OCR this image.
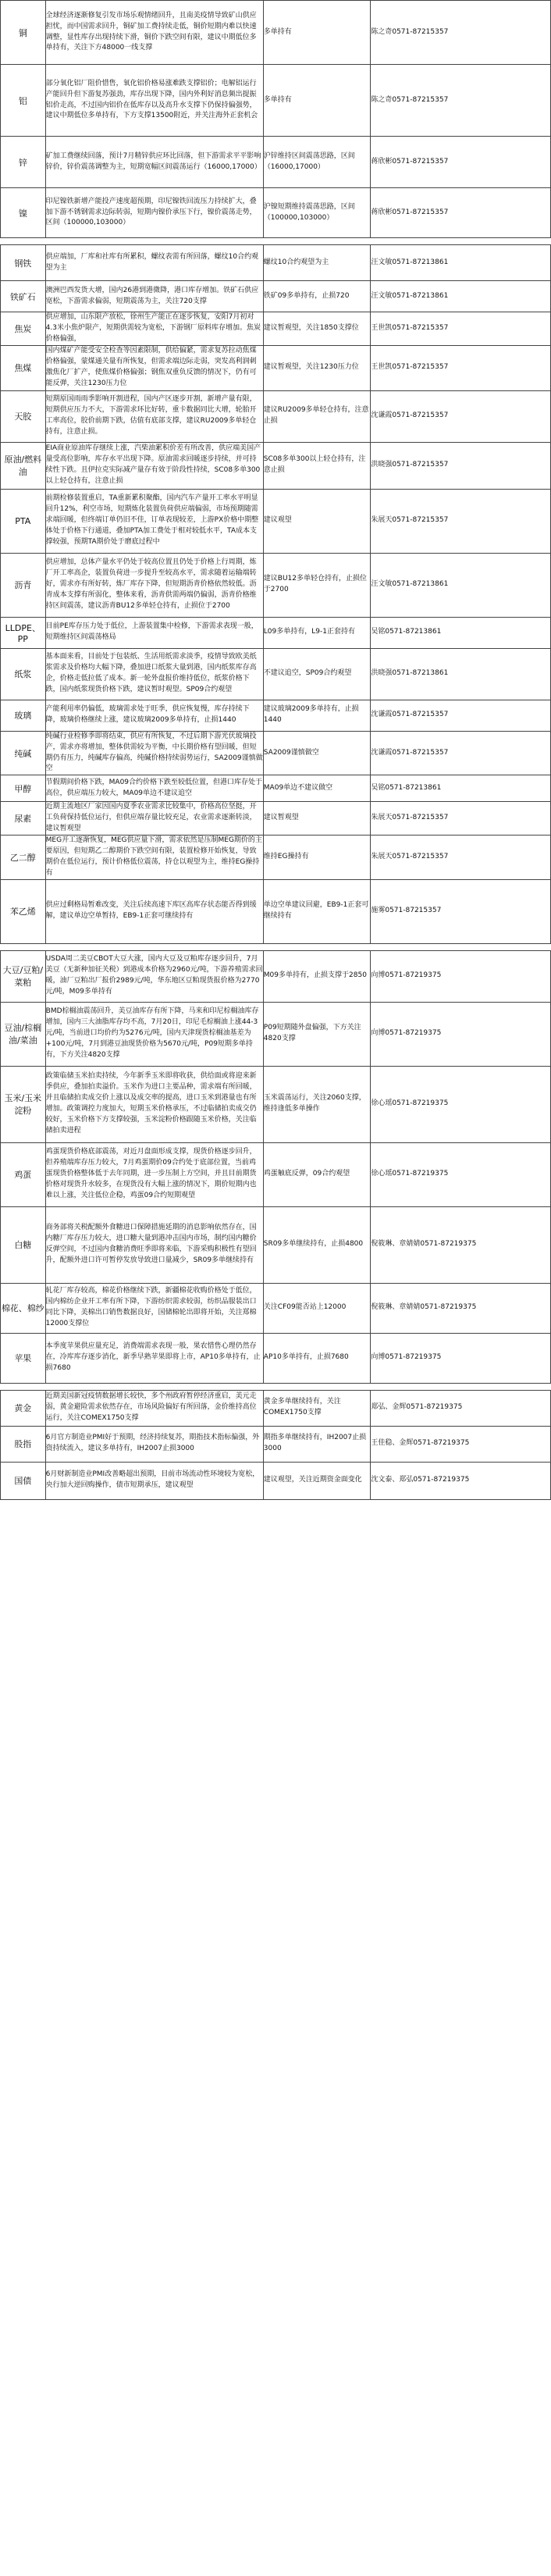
铜	全球经济逐渐修复引发市场乐观情绪回升，且南美疫情导致矿山供应担忧，而中国需求回升，铜矿加工费持续走低，铜价短期内难以快速调整，显性库存出现持续下滑，铜价下跌空间有限，建议中期低位多单持有，关注下方48000一线支撑	多单持有	陈之奇0571-87215357

铝	部分氧化铝厂阻价惜售，氧化铝价格易涨难跌支撑铝价；电解铝运行产能回升但下游复苏强劲，库存出现下降，国内外利好消息频出提振铝价走高，不过国内铝价在低库存以及高升水支撑下仍保持偏强势，建议中期低位多单持有，下方支撑13500附近，并关注海外正套机会	多单持有	陈之奇0571-87215357

锌	矿加工费继续回落，预计7月精锌供应环比回落，但下游需求平平影响锌价，锌价震荡调整为主，短期宽幅区间震荡运行（16000,17000）	沪锌维持区间震荡思路，区间（16000,17000）	蒋欣彬0571-87215357

镍	印尼镍铁新增产能投产速度超预期，印尼镍铁回流压力持续扩大，叠加下游不锈钢需求边际转弱，短期内镍价承压下行，镍价震荡走势，区间（100000,103000）	沪镍短期维持震荡思路，区间（100000,103000）	蒋欣彬0571-87215357

钢铁	供应端加，厂库和社库有所累积，螺纹表需有所回落，螺纹10合约观望为主	螺纹10合约观望为主	汪文敏0571-87213861

铁矿石	澳洲巴西发货大增，国内26港到港微降，港口库存增加。铁矿石供应宽松，下游需求偏弱，短期震荡为主，关注720支撑	铁矿09多单持有，止损720	汪文敏0571-87213861

焦炭	供应增加，山东限产放松，徐州生产能正在逐步恢复，安阳7月初对4.3米小焦炉限产，短期供需较为宽松，下游钢厂原料库存增加。焦炭价格偏强，	建议暂观望，关注1850支撑位	王世凯0571-87215357

焦煤	国内煤矿产能受安全检查等因素限制，供给偏紧，需求复苏拉动焦煤价格偏强，蒙煤通关量有所恢复，但需求端边际走弱，突发高利润刺激焦化厂扩产，使焦煤价格偏强；钢焦双重负反馈的情况下，仍有可能反弹，关注1230压力位	建议暂观望，关注1230压力位	王世凯0571-87215357

天胶	短期原国雨雨季影响开割进程，国内产区逐步开割，新增产量有限，短期供应压力不大，下游需求环比好转，重卡数据同比大增，轮胎开工率高位，胶价前期下跌，估值有底部支撑，建议RU2009多单轻仓持有，注意止损。	建议RU2009多单轻仓持有，注意止损	沈谦霞0571-87215357

原油/燃料油	EIA商业原油库存继续上涨，汽柴油累积价差有所改善，供应端美国产量受高位影响，库存水平出现下降。原油需求回暖逐步持续，并可持续性下跌。且伊拉克实际减产量存有效于阶段性持续，SC08多单300以上轻仓持有，注意止损	SC08多单300以上轻仓持有，注意止损	洪晓强0571-87215357

PTA	前期检修装置重启，TA重新累积聚酯，国内汽车产量开工率水平明显回升12%，利空市场，短期炼化装置负荷供应端偏弱，市场预期随需求端回暖，但终端订单仍旧不佳，订单表现较差，上游PX价格中期整体处于价格下行通道，叠加PTA加工费处于相对较低水平，TA成本支撑较强，预期TA期价处于磨底过程中	建议观望	朱展天0571-87215357

沥青	供应增加，总体产量水平仍处于较高位置且仍处于价格上行周期，炼厂开工率高企，装置负荷进一步提升至较高水平，需求随着运输端转好，需求亦有所好转，炼厂库存下降，但短期沥青价格依然较低。沥青成本支撑有所弱化，整体来看，沥青供需两端仍偏弱，沥青价格维持区间震荡，建议沥青BU12多单轻仓持有，止损位于2700	建议BU12多单轻仓持有，止损位于2700	汪文敏0571-87213861

LLDPE、PP	目前PE库存压力处于低位，上游装置集中检修，下游需求表现一般，短期维持区间震荡格局	L09多单持有，L9-1正套持有	吴铭0571-87213861

纸浆	基本面来看，目前处于包装纸、生活用纸需求淡季，疫情导致欧美纸浆需求及价格均大幅下降，叠加进口纸浆大量到港，国内纸浆库存高企，价格走低拉低了成本。新一轮外盘报价维持低位，纸浆价格下跌，国内纸浆现货价格下跌，建议暂时观望。SP09合约观望	不建议追空，SP09合约观望	洪晓强0571-87213861

玻璃	产能利用率仍偏低，玻璃需求处于旺季，供应恢复慢，库存持续下降，玻璃价格继续上涨，建议玻璃2009多单持有，止损1440	建议玻璃2009多单持有，止损1440	沈谦霞0571-87215357

纯碱	纯碱行业检修季即将结束，供应有所恢复，不过后期下游光伏玻璃投产，需求亦将增加，整体供需较为平衡，中长期价格有望回暖，但短期仍有压力，纯碱库存偏高，纯碱价格持续弱势运行，SA2009谨慎做空	SA2009谨慎做空	沈谦霞0571-87215357

甲醇	节假期间价格下跌，MA09合约价格下跌至较低位置，但港口库存处于高位，供应端压力较大，MA09单边不建议追空	MA09单边不建议做空	吴铭0571-87213861

尿素	近期主流地区厂家因国内夏季农业需求比较集中，价格高位坚挺，开工负荷保持低位运行，但供应端存量比较充足，农业需求逐渐转淡，建议暂观望	建议暂观望	朱展天0571-87215357

乙二醇	MEG开工逐渐恢复，MEG供应量下滑，需求依然是压制MEG期价的主要原因，但短期乙二醇期价下跌空间有限，装置检修开始恢复，导致期价在低位运行，预计价格低位震荡，持仓以观望为主，维持EG操持有	维持EG操持有	朱展天0571-87215357

苯乙烯	供应过剩格局暂难改变，关注后续高速下库区高库存状态能否得到缓解，建议单边空单暂持，EB9-1正套可继续持有	单边空单建议回避，EB9-1正套可继续持有	施雾0571-87215357

大豆/豆粕/菜粕	USDA周二美豆CBOT大豆大涨，国内大豆及豆粕库存逐步回升，7月美豆（无新种加征关税）到港成本价格为2960元/吨，下游养殖需求回暖，油厂豆粕出厂报价2989元/吨，华东地区豆粕现货报价格为2770元/吨，M09多单持有	M09多单持有，止损支撑于2850	向博0571-87219375

豆油/棕榈油/菜油	BMD棕榈油震荡回升，美豆油库存有所下降，马来和印尼棕榈油库存增加，国内三大油脂库存均不高，7月20日，印尼毛棕榈油上涨44-3元/吨，当前进口均价约为5276元/吨，国内天津现货棕榈油基差为+100元/吨，7月到港豆油现货价格为5670元/吨，P09短期多单持有，下方关注4820支撑	P09短期随外盘偏强，下方关注4820支撑	向博0571-87219375

玉米/玉米淀粉	政策临储玉米拍卖持续，今年新季玉米即将收获，供给面或将迎来新季供应，叠加拍卖溢价。玉米作为进口主要品种，需求端有所回暖，并且临储拍卖成交价上涨以及成交率的提高，进口玉米到港量也有所增加。政策调控力度加大，短期玉米价格承压，不过临储拍卖成交仍较好，玉米价格下方支撑较强，玉米淀粉价格跟随玉米价格，关注临储拍卖进程	玉米震荡运行，关注2060支撑，维持逢低多单操作	徐心瑶0571-87219375

鸡蛋	鸡蛋现货价格底部震荡，对近月盘面形成支撑，现货价格逐步回升，但养殖端库存压力较大，7月鸡蛋期价09合约处于底部位置，当前鸡蛋现货价格整体低于去年同期，进一步压制上方空间，并且目前期货价格对现货升水较多，在现货没有大幅上涨的情况下，期价短期内也难以上涨，关注低位企稳，鸡蛋09合约短期观望	鸡蛋触底反弹，09合约观望	徐心瑶0571-87219375

白糖	商务部将关税配额外食糖进口保障措施延期的消息影响依然存在，国内糖厂库存压力较大，进口糖大量到港冲击国内市场，制约国内糖价反弹空间，不过国内食糖消费旺季即将来临，下游采购积极性有望回升，配额外进口许可暂停发放导致进口量减少，SR09多单继续持有	SR09多单继续持有，止损4800	倪筱琳、章婧婧0571-87219375

棉花、棉纱	轧花厂库存较高，棉花价格继续下跌，新疆棉花收购价格处于低位，国内棉纺企业开工率有所下降，下游纺织需求较弱，纺织品服装出口同比下降，美棉出口销售数据良好，国储棉轮出即将开始，关注郑棉12000支撑位	关注CF09能否站上12000	倪筱琳、章婧婧0571-87219375

苹果	本季度苹果供应量充足，消费端需求表现一般，果农惜售心理仍然存在，冷库库存逐步消化，新季早熟苹果即将上市，AP10多单持有，止损7680	AP10多单持有，止损7680	向博0571-87219375

黄金	近期美国新冠疫情数据增长较快，多个州政府暂停经济重启，美元走弱，黄金避险需求依然存在，市场风险偏好有所回落，金价维持高位运行，关注COMEX1750支撑	黄金多单继续持有，关注COMEX1750支撑	郑弘、金辉0571-87219375

股指	6月官方制造业PMI好于预期，经济持续复苏，期指技术指标偏强，外资持续流入，建议多单持有，IH2007止损3000	期指多单继续持有，IH2007止损3000	王佳稳、金辉0571-87219375

国债	6月财新制造业PMI改善略超出预期，目前市场流动性环境较为宽松，央行加大逆回购操作，债市短期承压，建议观望	建议观望，关注近期资金面变化	沈文泰、郑弘0571-87219375
